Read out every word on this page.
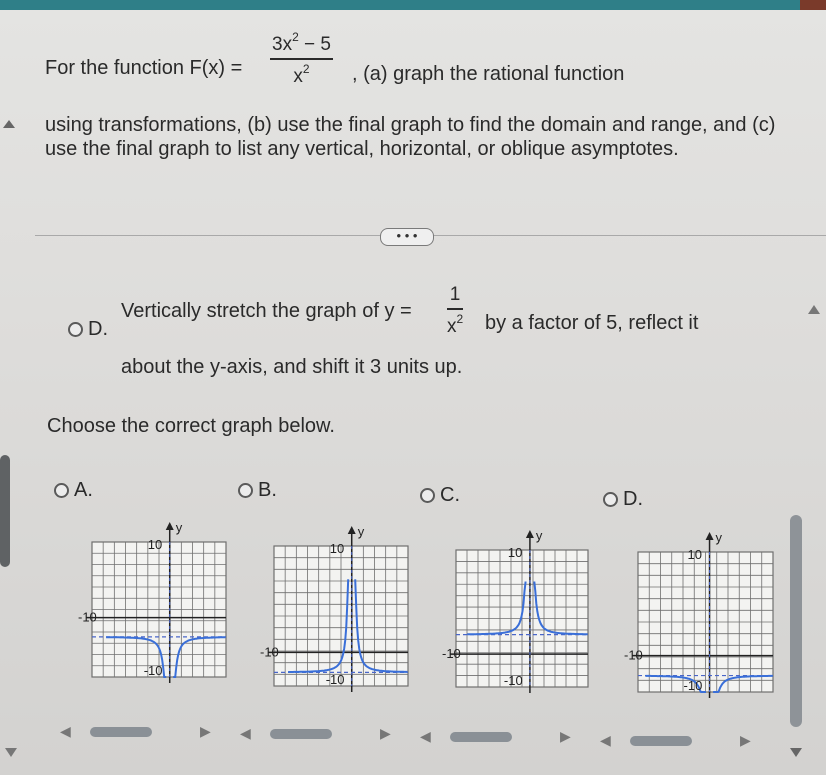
For the function F(x) =
$3x^2 - 5$
$x^2$	, (a) graph the rational function
using transformations, (b) use the final graph to find the domain and range, and (c) use the final graph to list any vertical, horizontal, or oblique asymptotes.
• • •
D.
Vertically stretch the graph of y =
1
$x^2$ by a factor of 5, reflect it
about the y-axis, and shift it 3 units up.
Choose the correct graph below.
A.	B.	C.	D.
10
-10
-10
y
10
-10
-10
y
10
-10
-10
y
10
-10
-10
y
◀	▶ ◀	▶ ◀	▶ ◀	▶
